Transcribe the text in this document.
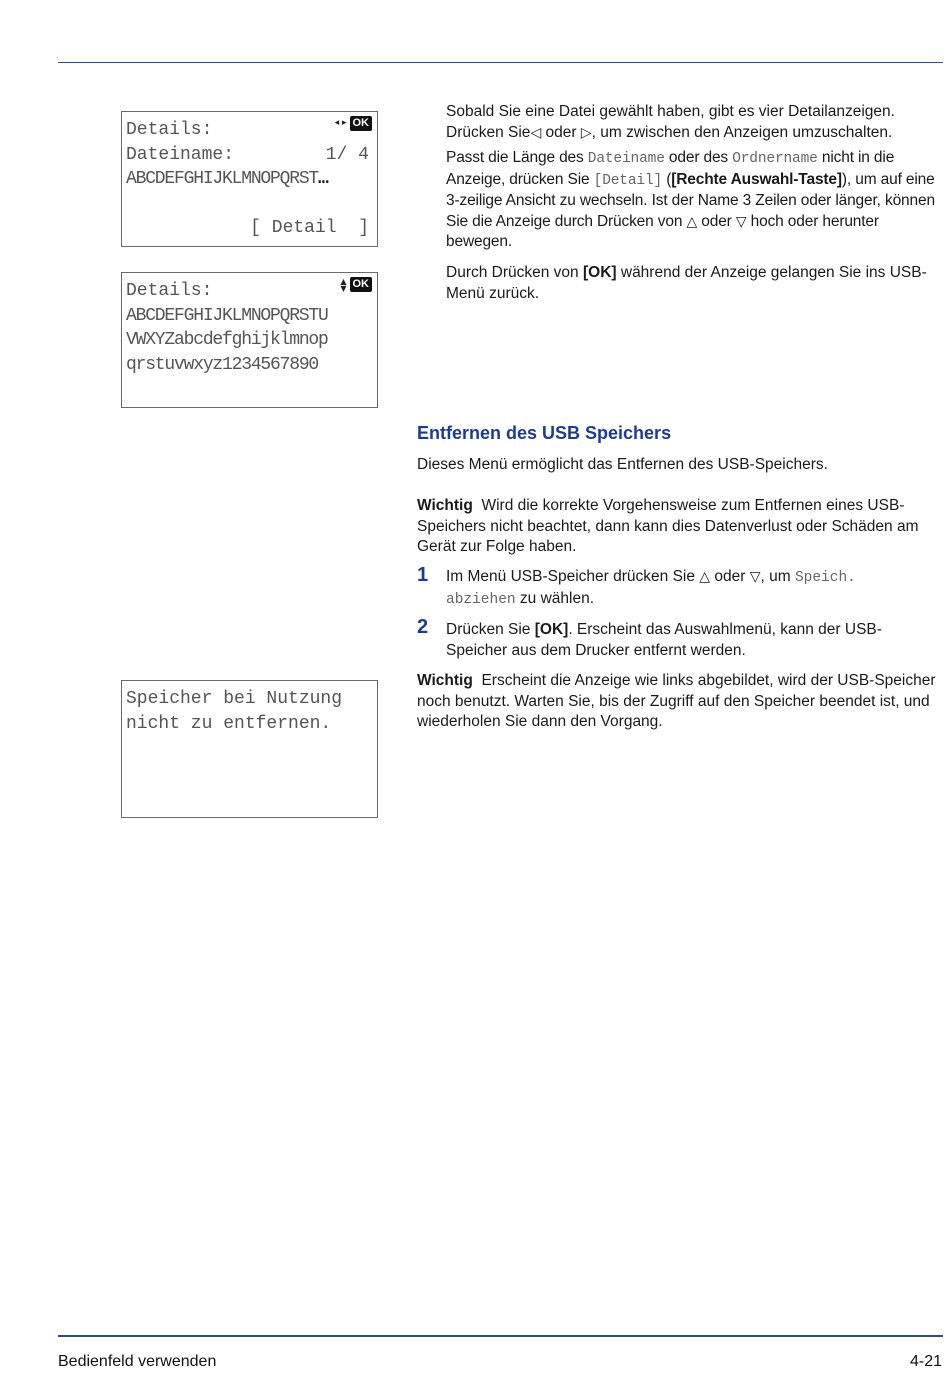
Details:	◂ ▸ OK
Dateiname:	1/ 4
ABCDEFGHIJKLMNOPQRST…
[ Detail  ]
Details:	▲
▼ OK
ABCDEFGHIJKLMNOPQRSTU
VWXYZabcdefghijklmnop
qrstuvwxyz1234567890
Speicher bei Nutzung
nicht zu entfernen.
Sobald Sie eine Datei gewählt haben, gibt es vier Detailanzeigen. Drücken Sie◁ oder ▷, um zwischen den Anzeigen umzuschalten.
Passt die Länge des Dateiname oder des Ordnername nicht in die Anzeige, drücken Sie [Detail] ([Rechte Auswahl-Taste]), um auf eine 3-zeilige Ansicht zu wechseln. Ist der Name 3 Zeilen oder länger, können Sie die Anzeige durch Drücken von △ oder ▽ hoch oder herunter bewegen.
Durch Drücken von [OK] während der Anzeige gelangen Sie ins USB-Menü zurück.
Entfernen des USB Speichers
Dieses Menü ermöglicht das Entfernen des USB-Speichers.
Wichtig Wird die korrekte Vorgehensweise zum Entfernen eines USB-Speichers nicht beachtet, dann kann dies Datenverlust oder Schäden am Gerät zur Folge haben.
1 Im Menü USB-Speicher drücken Sie △ oder ▽, um Speich.
abziehen zu wählen.
2 Drücken Sie [OK]. Erscheint das Auswahlmenü, kann der USB-Speicher aus dem Drucker entfernt werden.
Wichtig Erscheint die Anzeige wie links abgebildet, wird der USB-Speicher noch benutzt. Warten Sie, bis der Zugriff auf den Speicher beendet ist, und wiederholen Sie dann den Vorgang.
Bedienfeld verwenden	4-21
